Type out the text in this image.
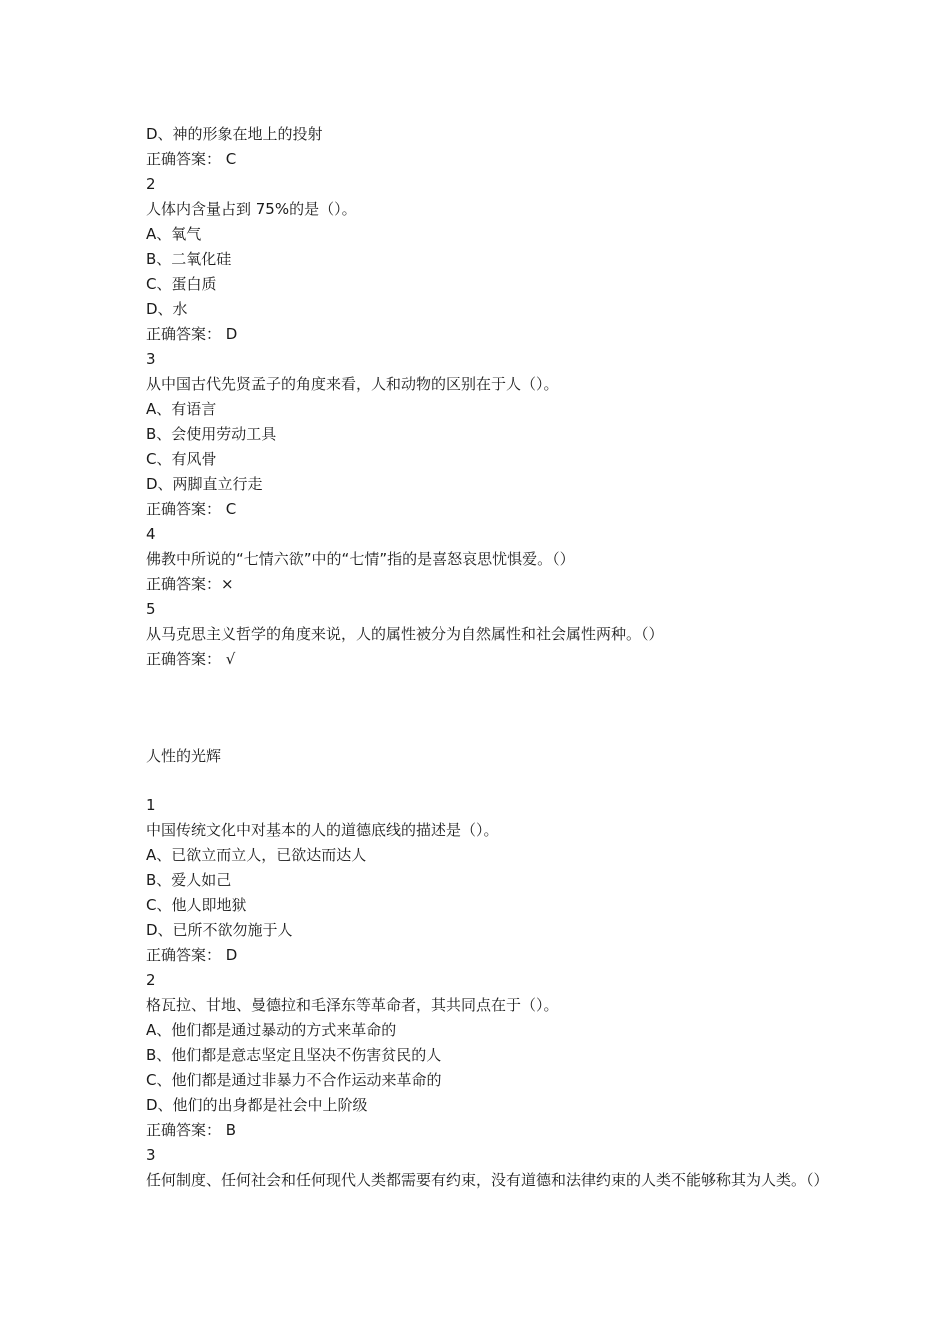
D、神的形象在地上的投射
正确答案： C
2
人体内含量占到 75%的是（）。
A、氧气
B、二氧化硅
C、蛋白质
D、水
正确答案： D
3
从中国古代先贤孟子的角度来看，人和动物的区别在于人（）。
A、有语言
B、会使用劳动工具
C、有风骨
D、两脚直立行走
正确答案： C
4
佛教中所说的“七情六欲”中的“七情”指的是喜怒哀思忧惧爱。（）
正确答案：×
5
从马克思主义哲学的角度来说，人的属性被分为自然属性和社会属性两种。（）
正确答案： √
人性的光辉
1
中国传统文化中对基本的人的道德底线的描述是（）。
A、已欲立而立人，已欲达而达人
B、爱人如己
C、他人即地狱
D、已所不欲勿施于人
正确答案： D
2
格瓦拉、甘地、曼德拉和毛泽东等革命者，其共同点在于（）。
A、他们都是通过暴动的方式来革命的
B、他们都是意志坚定且坚决不伤害贫民的人
C、他们都是通过非暴力不合作运动来革命的
D、他们的出身都是社会中上阶级
正确答案： B
3
任何制度、任何社会和任何现代人类都需要有约束，没有道德和法律约束的人类不能够称其为人类。（）
